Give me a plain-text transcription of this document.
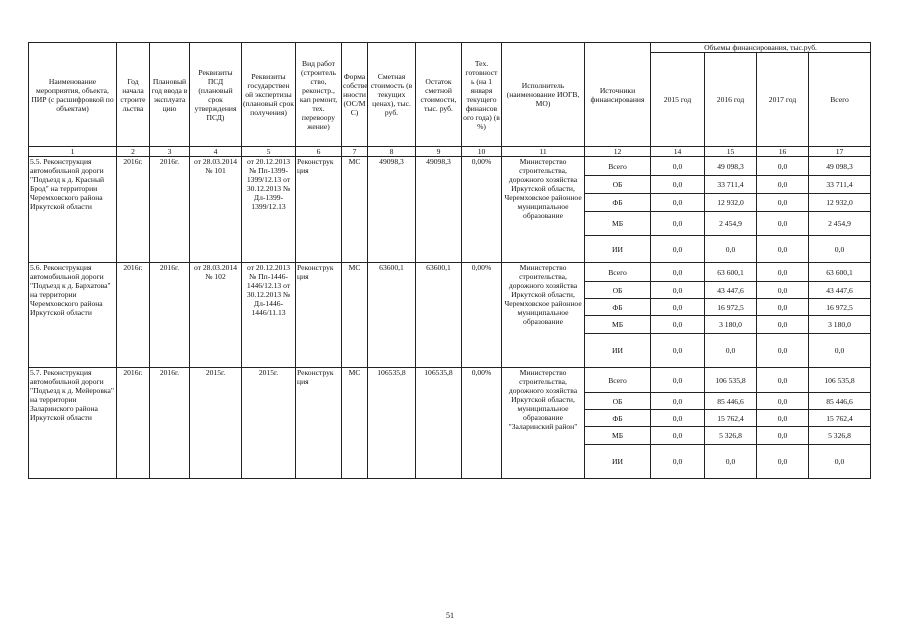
Наименование мероприятия, объекта, ПИР (с расшифровкой по объектам)	Год начала строите льства	Плановый год ввода в эксплуата цию	Реквизиты ПСД (плановый срок утверждения ПСД)	Реквизиты государствен ой экспертизы (плановый срок получения)	Вид работ (строитель ство, реконстр., кап ремонт, тех. перевоору жение)	Форма собстве нности (ОС/М С)	Сметная стоимость (в текущих ценах), тыс. руб.	Остаток сметной стоимости, тыс. руб.	Тех. готовност ь (на 1 января текущего финансов ого года) (в %)	Исполнитель (наименование ИОГВ, МО)	Источники финансирования	Объемы финансирования, тыс.руб.			
												2015 год	2016 год	2017 год	Всего
1	2	3	4	5	6	7	8	9	10	11	12	14	15	16	17
5.5. Реконструкция автомобильной дороги "Подъезд к д. Красный Брод" на территории Черемховского района Иркутской области	2016г.	2016г.	от 28.03.2014 № 101	от 20.12.2013 № Пп-1399-1399/12.13 от 30.12.2013 № Дл-1399-1399/12.13	Реконструк ция	МС	49098,3	49098,3	0,00%	Министерство строительства, дорожного хозяйства Иркутской области, Черемховское районное муниципальное образование	Всего	0,0	49 098,3	0,0	49 098,3
											ОБ	0,0	33 711,4	0,0	33 711,4
											ФБ	0,0	12 932,0	0,0	12 932,0
											МБ	0,0	2 454,9	0,0	2 454,9
											ИИ	0,0	0,0	0,0	0,0
5.6. Реконструкция автомобильной дороги "Подъезд к д. Бархатова" на территории Черемховского района Иркутской области	2016г.	2016г.	от 28.03.2014 № 102	от 20.12.2013 № Пп-1446-1446/12.13 от 30.12.2013 № Дл-1446-1446/11.13	Реконструк ция	МС	63600,1	63600,1	0,00%	Министерство строительства, дорожного хозяйства Иркутской области, Черемховское районное муниципальное образование	Всего	0,0	63 600,1	0,0	63 600,1
											ОБ	0,0	43 447,6	0,0	43 447,6
											ФБ	0,0	16 972,5	0,0	16 972,5
											МБ	0,0	3 180,0	0,0	3 180,0
											ИИ	0,0	0,0	0,0	0,0
5.7. Реконструкция автомобильной дороги "Подъезд к д. Мейеровка" на территории Заларинского района Иркутской области	2016г.	2016г.	2015г.	2015г.	Реконструк ция	МС	106535,8	106535,8	0,00%	Министерство строительства, дорожного хозяйства Иркутской области, муниципальное образование "Заларинский район"	Всего	0,0	106 535,8	0,0	106 535,8
											ОБ	0,0	85 446,6	0,0	85 446,6
											ФБ	0,0	15 762,4	0,0	15 762,4
											МБ	0,0	5 326,8	0,0	5 326,8
											ИИ	0,0	0,0	0,0	0,0
51
